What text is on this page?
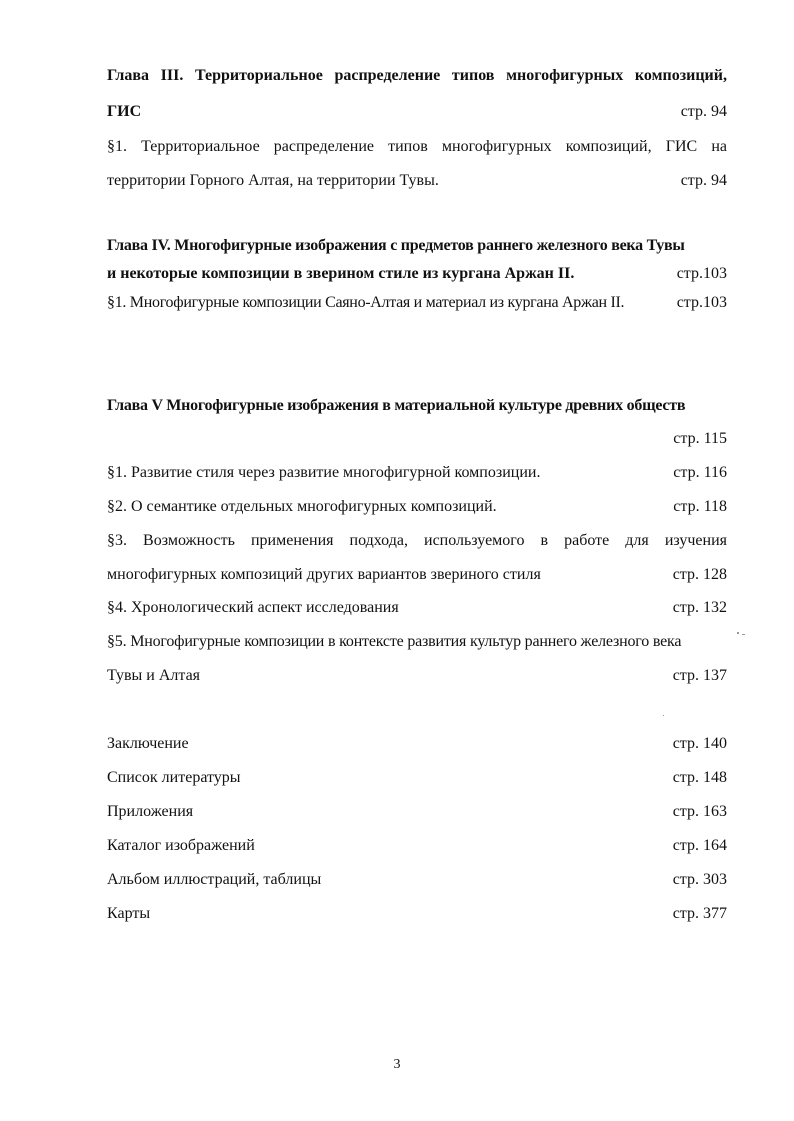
Глава III. Территориальное распределение типов многофигурных композиций,
ГИС	стр. 94
§1. Территориальное распределение типов многофигурных композиций, ГИС на
территории Горного Алтая, на территории Тувы.	стр. 94
Глава IV. Многофигурные изображения с предметов раннего железного века Тувы
и некоторые композиции в зверином стиле из кургана Аржан II.	стр.103
§1. Многофигурные композиции Саяно-Алтая и материал из кургана Аржан II.	стр.103
Глава V Многофигурные изображения в материальной культуре древних обществ
стр. 115
§1. Развитие стиля через развитие многофигурной композиции.	стр. 116
§2. О семантике отдельных многофигурных композиций.	стр. 118
§3. Возможность применения подхода, используемого в работе для изучения
многофигурных композиций других вариантов звериного стиля	стр. 128
§4. Хронологический аспект исследования	стр. 132
§5. Многофигурные композиции в контексте развития культур раннего железного века
Тувы и Алтая	стр. 137
Заключение	стр. 140
Список литературы	стр. 148
Приложения	стр. 163
Каталог изображений	стр. 164
Альбом иллюстраций, таблицы	стр. 303
Карты	стр. 377
3
